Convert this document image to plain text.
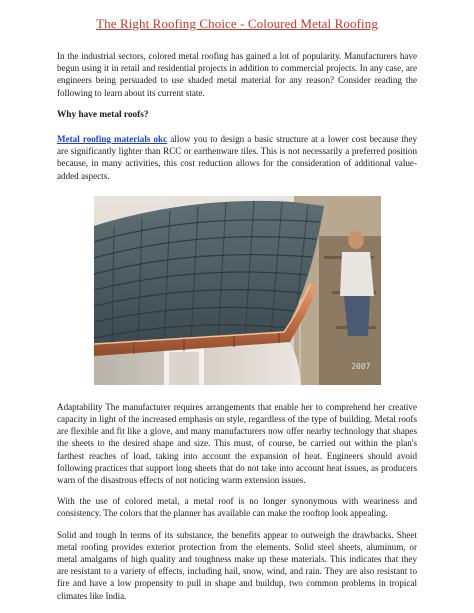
The Right Roofing Choice - Coloured Metal Roofing

In the industrial sectors, colored metal roofing has gained a lot of popularity. Manufacturers have begun using it in retail and residential projects in addition to commercial projects. In any case, are engineers being persuaded to use shaded metal material for any reason? Consider reading the following to learn about its current state.

Why have metal roofs?

Metal roofing materials okc allow you to design a basic structure at a lower cost because they are significantly lighter than RCC or earthenware tiles. This is not necessarily a preferred position because, in many activities, this cost reduction allows for the consideration of additional value-added aspects.

2007

Adaptability The manufacturer requires arrangements that enable her to comprehend her creative capacity in light of the increased emphasis on style, regardless of the type of building. Metal roofs are flexible and fit like a glove, and many manufacturers now offer nearby technology that shapes the sheets to the desired shape and size. This must, of course, be carried out within the plan's farthest reaches of load, taking into account the expansion of heat. Engineers should avoid following practices that support long sheets that do not take into account heat issues, as producers warn of the disastrous effects of not noticing warm extension issues.

With the use of colored metal, a metal roof is no longer synonymous with weariness and consistency. The colors that the planner has available can make the rooftop look appealing.

Solid and tough In terms of its substance, the benefits appear to outweigh the drawbacks. Sheet metal roofing provides exterior protection from the elements. Solid steel sheets, aluminum, or metal amalgams of high quality and toughness make up these materials. This indicates that they are resistant to a variety of effects, including hail, snow, wind, and rain. They are also resistant to fire and have a low propensity to pull in shape and buildup, two common problems in tropical climates like India.
